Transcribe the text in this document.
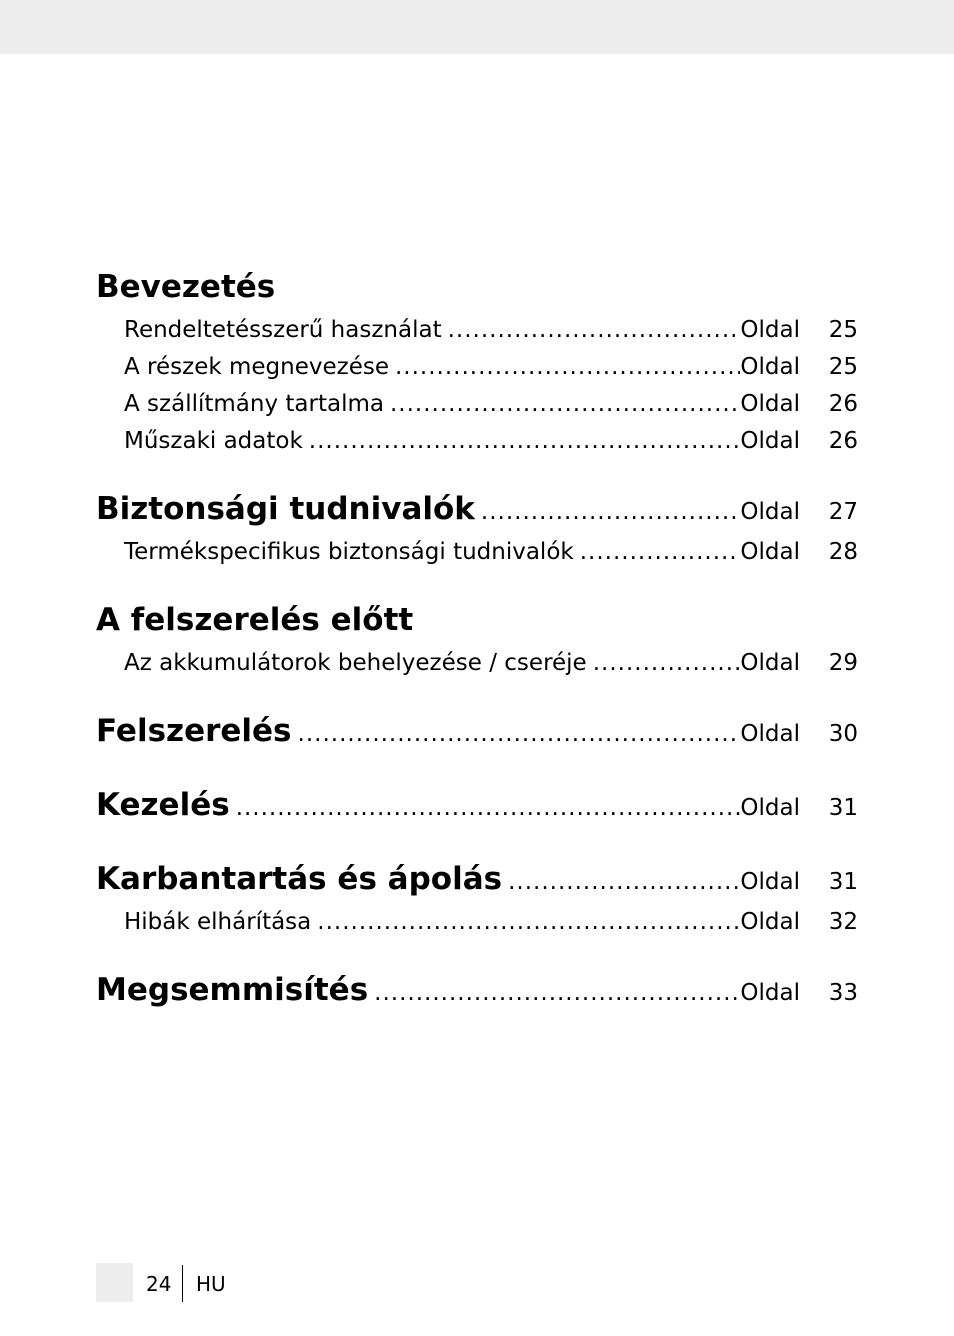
Bevezetés
Rendeltetésszerű használat .....	Oldal	25
A részek megnevezése .....	Oldal	25
A szállítmány tartalma .....	Oldal	26
Műszaki adatok .....	Oldal	26
Biztonsági tudnivalók .....	Oldal	27
Termékspecifikus biztonsági tudnivalók .....	Oldal	28
A felszerelés előtt
Az akkumulátorok behelyezése / cseréje .....	Oldal	29
Felszerelés .....	Oldal	30
Kezelés .....	Oldal	31
Karbantartás és ápolás .....	Oldal	31
Hibák elhárítása .....	Oldal	32
Megsemmisítés .....	Oldal	33
24 HU
